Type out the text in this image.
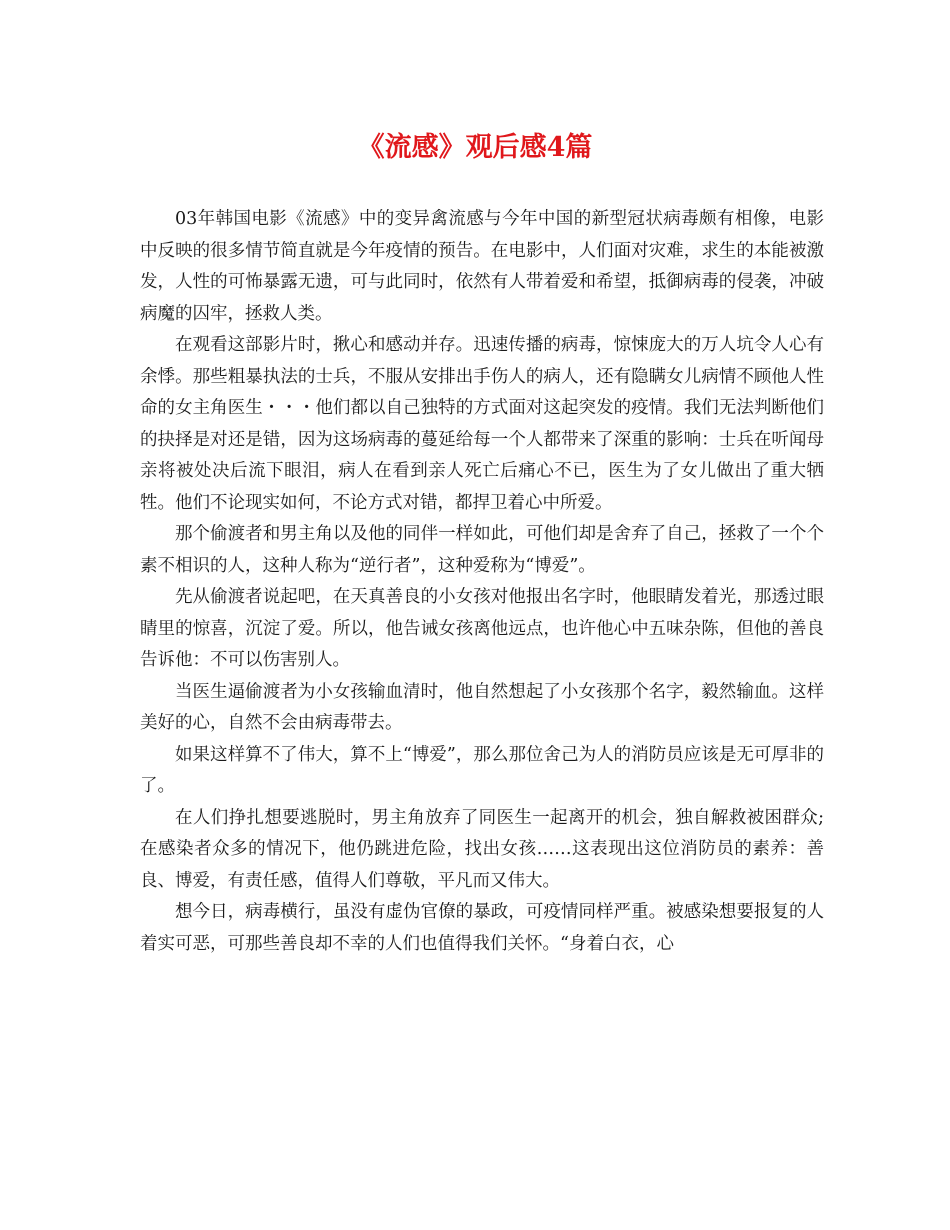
《流感》观后感4篇

03年韩国电影《流感》中的变异禽流感与今年中国的新型冠状病毒颇有相像，电影中反映的很多情节简直就是今年疫情的预告。在电影中，人们面对灾难，求生的本能被激发，人性的可怖暴露无遗，可与此同时，依然有人带着爱和希望，抵御病毒的侵袭，冲破病魔的囚牢，拯救人类。

在观看这部影片时，揪心和感动并存。迅速传播的病毒，惊悚庞大的万人坑令人心有余悸。那些粗暴执法的士兵，不服从安排出手伤人的病人，还有隐瞒女儿病情不顾他人性命的女主角医生・・・他们都以自己独特的方式面对这起突发的疫情。我们无法判断他们的抉择是对还是错，因为这场病毒的蔓延给每一个人都带来了深重的影响：士兵在听闻母亲将被处决后流下眼泪，病人在看到亲人死亡后痛心不已，医生为了女儿做出了重大牺牲。他们不论现实如何，不论方式对错，都捍卫着心中所爱。

那个偷渡者和男主角以及他的同伴一样如此，可他们却是舍弃了自己，拯救了一个个素不相识的人，这种人称为“逆行者”，这种爱称为“博爱”。

先从偷渡者说起吧，在天真善良的小女孩对他报出名字时，他眼睛发着光，那透过眼睛里的惊喜，沉淀了爱。所以，他告诫女孩离他远点，也许他心中五味杂陈，但他的善良告诉他：不可以伤害别人。

当医生逼偷渡者为小女孩输血清时，他自然想起了小女孩那个名字，毅然输血。这样美好的心，自然不会由病毒带去。

如果这样算不了伟大，算不上“博爱”，那么那位舍己为人的消防员应该是无可厚非的了。

在人们挣扎想要逃脱时，男主角放弃了同医生一起离开的机会，独自解救被困群众;在感染者众多的情况下，他仍跳进危险，找出女孩……这表现出这位消防员的素养：善良、博爱，有责任感，值得人们尊敬，平凡而又伟大。

想今日，病毒横行，虽没有虚伪官僚的暴政，可疫情同样严重。被感染想要报复的人着实可恶，可那些善良却不幸的人们也值得我们关怀。“身着白衣，心
